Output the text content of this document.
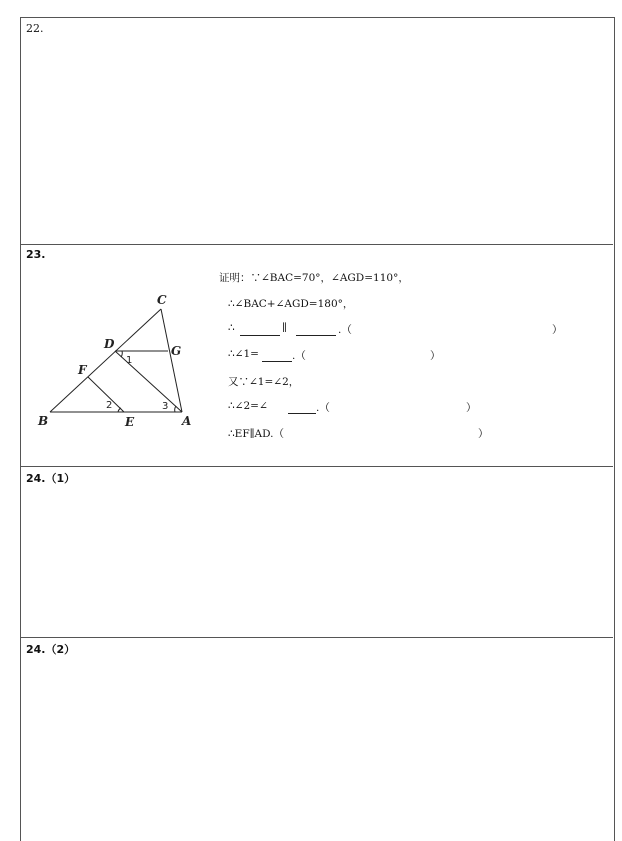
22.
23.
24.（1）
24.（2）
C
D	G
F
B	E	A
1
2	3
证明：∵∠BAC=70°，∠AGD=110°，
∴∠BAC+∠AGD=180°，
∴	∥	.（	）
∴∠1=	.（	）
又∵∠1=∠2，
∴∠2=∠	.（	）
∴EF∥AD.（	）
